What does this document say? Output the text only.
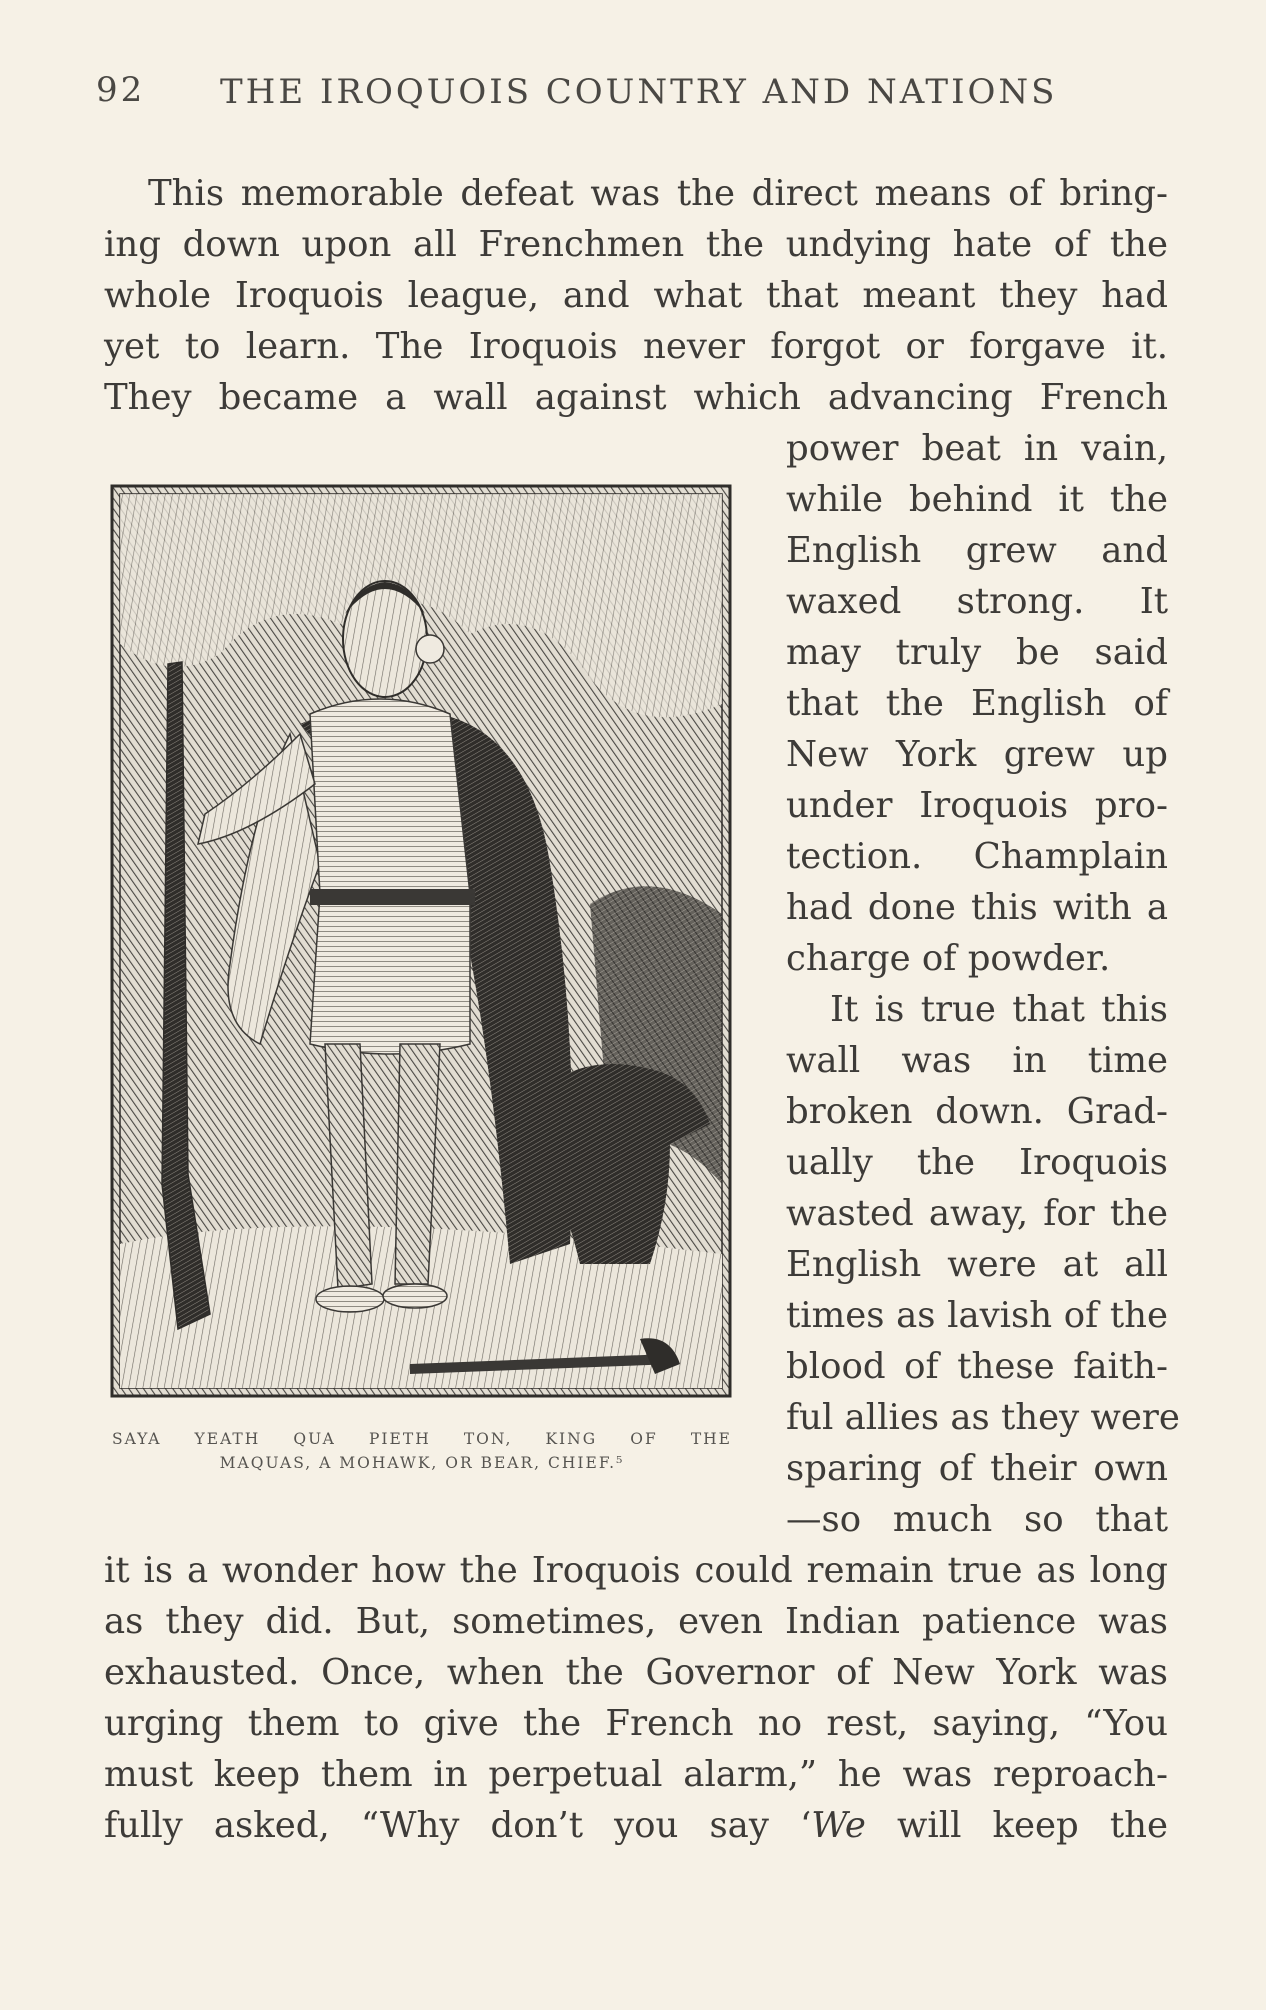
92 THE IROQUOIS COUNTRY AND NATIONS
This memorable defeat was the direct means of bring-
ing down upon all Frenchmen the undying hate of the
whole Iroquois league, and what that meant they had
yet to learn. The Iroquois never forgot or forgave it.
They became a wall against which advancing French
power beat in vain,
while behind it the
English grew and
waxed strong. It
may truly be said
that the English of
New York grew up
under Iroquois pro-
tection. Champlain
had done this with a
charge of powder.
It is true that this
wall was in time
broken down. Grad-
ually the Iroquois
wasted away, for the
English were at all
times as lavish of the
blood of these faith-
ful allies as they were
sparing of their own
—so much so that
it is a wonder how the Iroquois could remain true as long
as they did. But, sometimes, even Indian patience was
exhausted. Once, when the Governor of New York was
urging them to give the French no rest, saying, “You
must keep them in perpetual alarm,” he was reproach-
fully asked, “Why don’t you say ‘We will keep the
SAYA YEATH QUA PIETH TON, KING OF THE
MAQUAS, A MOHAWK, OR BEAR, CHIEF.⁵
